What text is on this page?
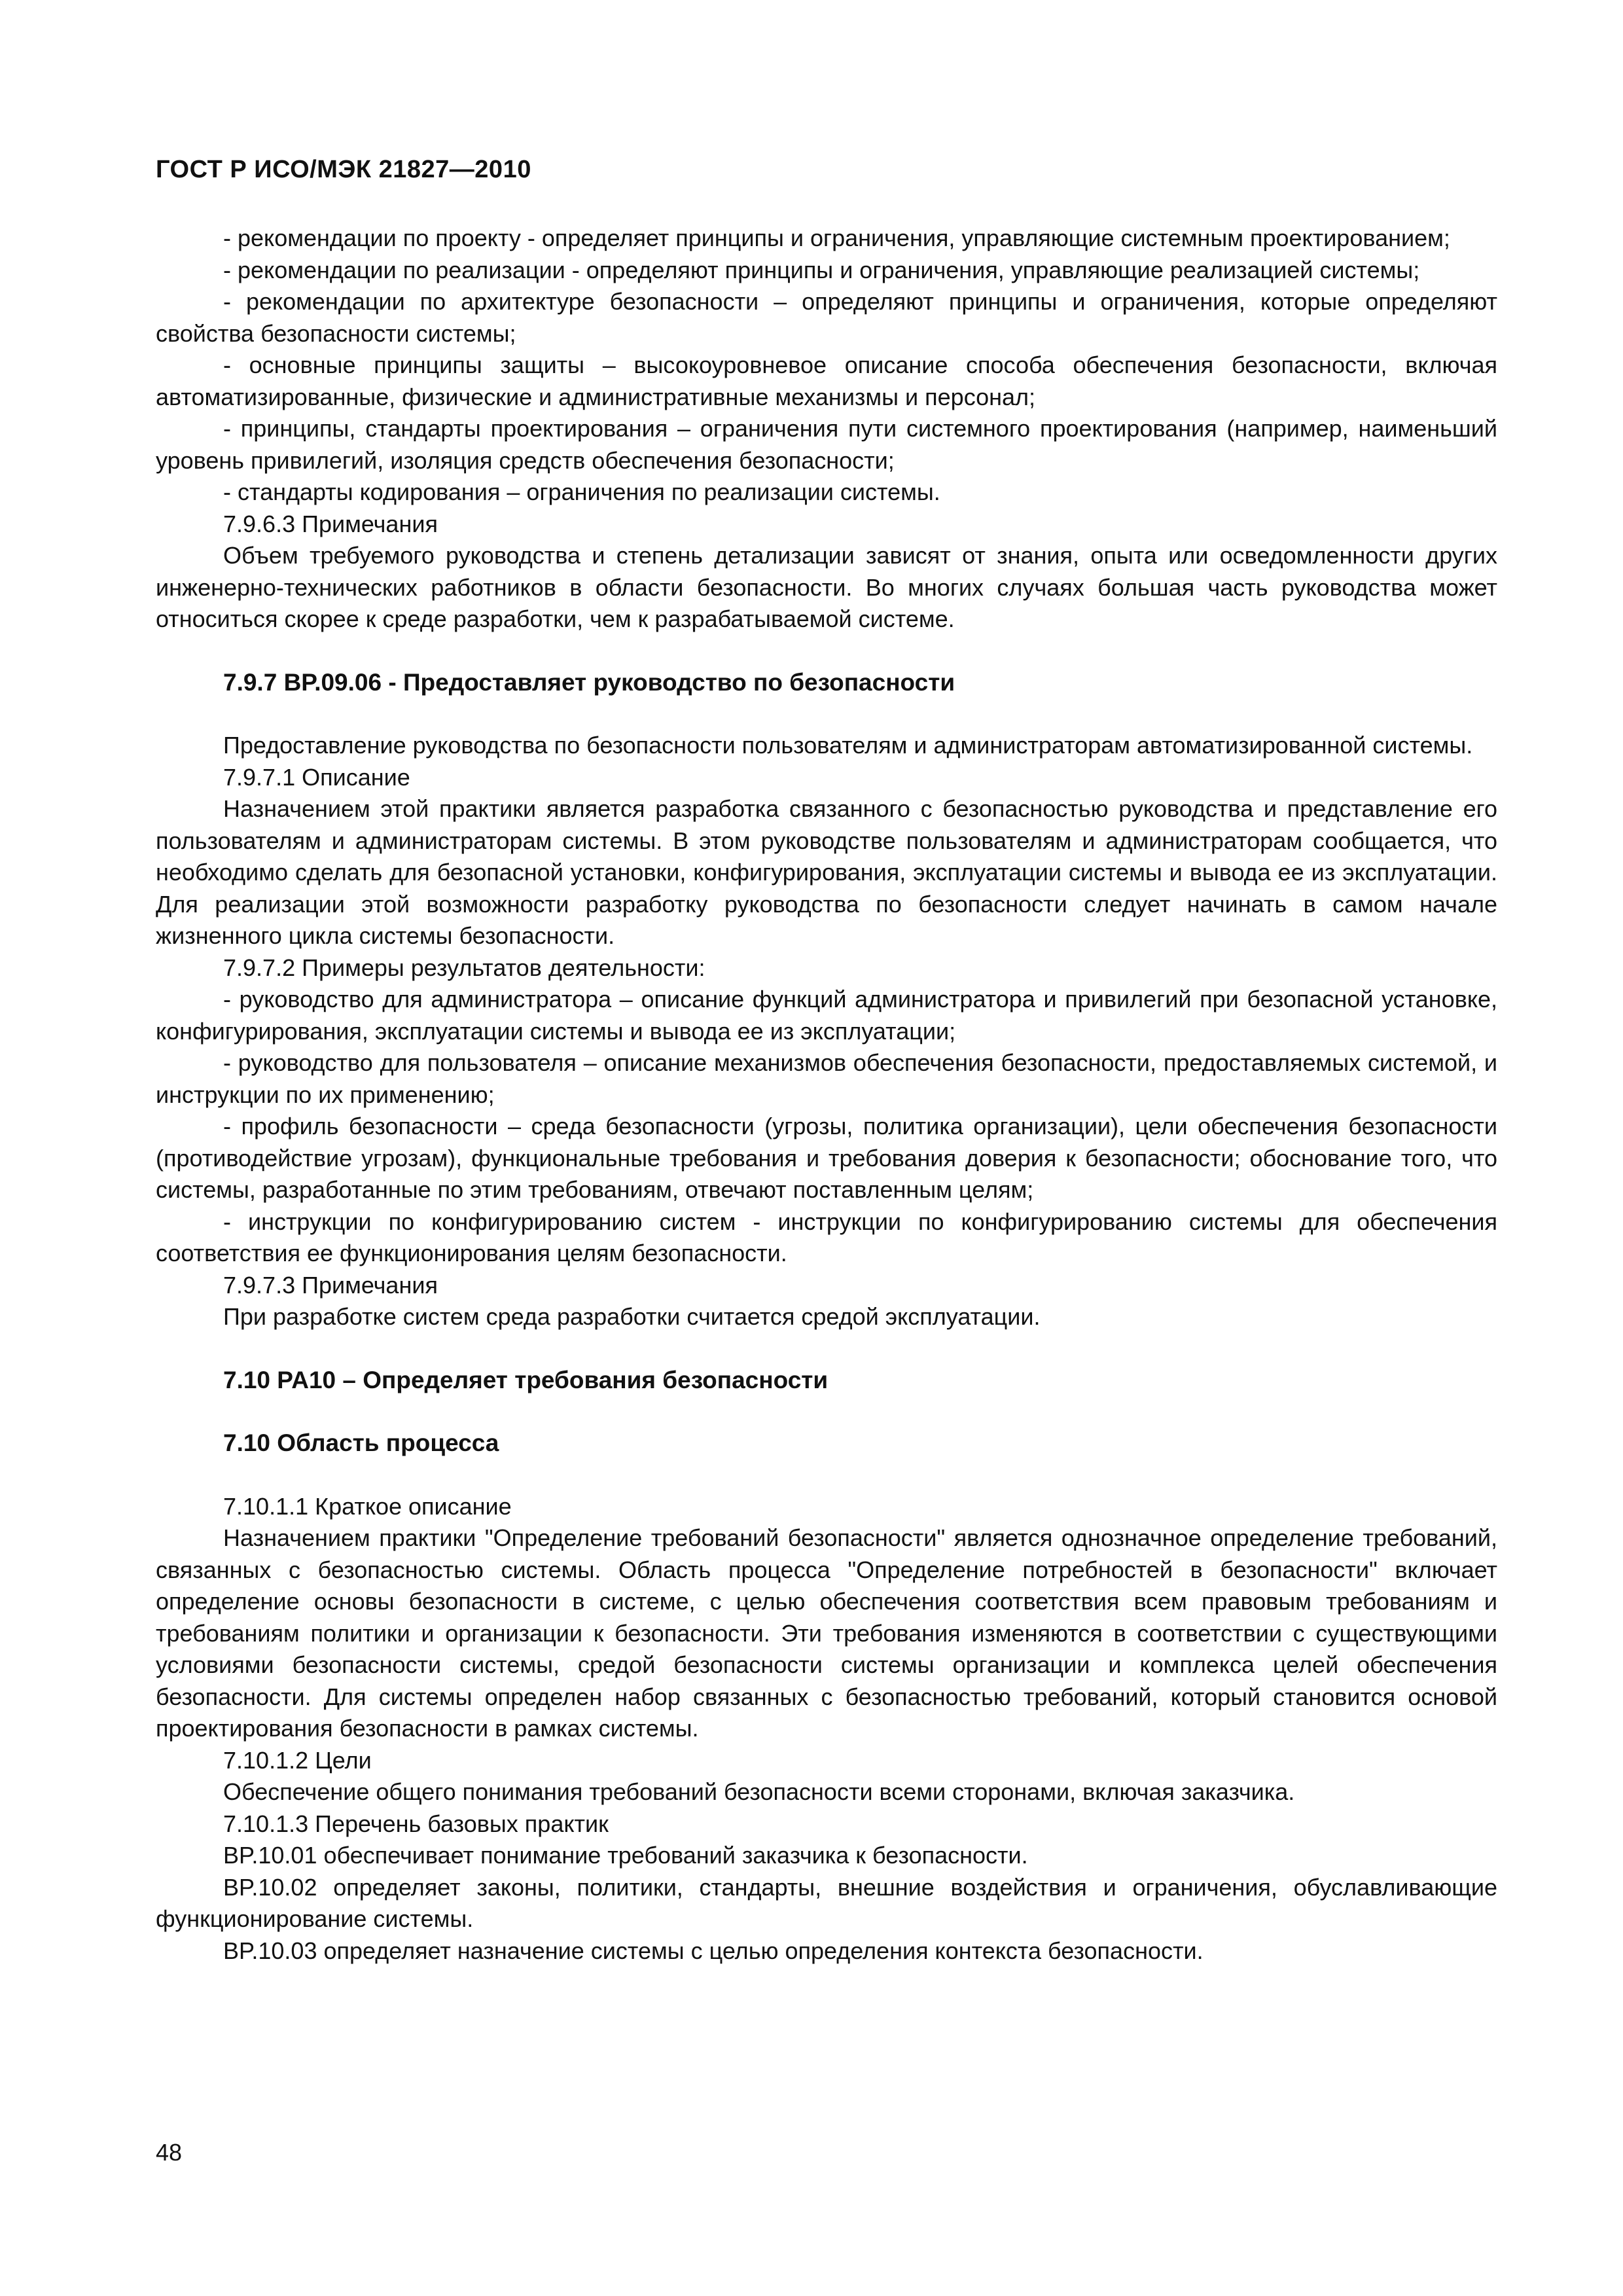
ГОСТ Р ИСО/МЭК 21827—2010

- рекомендации по проекту - определяет принципы и ограничения, управляющие системным проектированием;

- рекомендации по реализации - определяют принципы и ограничения, управляющие реализацией системы;

- рекомендации по архитектуре безопасности – определяют принципы и ограничения, которые определяют свойства безопасности системы;

- основные принципы защиты – высокоуровневое описание способа обеспечения безопасности, включая автоматизированные, физические и административные механизмы и персонал;

- принципы, стандарты проектирования – ограничения пути системного проектирования (например, наименьший уровень привилегий, изоляция средств обеспечения безопасности;

- стандарты кодирования – ограничения по реализации системы.

7.9.6.3 Примечания

Объем требуемого руководства и степень детализации зависят от знания, опыта или осведомленности других инженерно-технических работников в области безопасности. Во многих случаях большая часть руководства может относиться скорее к среде разработки, чем к разрабатываемой системе.

7.9.7 BP.09.06 - Предоставляет руководство по безопасности

Предоставление руководства по безопасности пользователям и администраторам автоматизированной системы.

7.9.7.1 Описание

Назначением этой практики является разработка связанного с безопасностью руководства и представление его пользователям и администраторам системы. В этом руководстве пользователям и администраторам сообщается, что необходимо сделать для безопасной установки, конфигурирования, эксплуатации системы и вывода ее из эксплуатации. Для реализации этой возможности разработку руководства по безопасности следует начинать в самом начале жизненного цикла системы безопасности.

7.9.7.2 Примеры результатов деятельности:

- руководство для администратора – описание функций администратора и привилегий при безопасной установке, конфигурирования, эксплуатации системы и вывода ее из эксплуатации;

- руководство для пользователя – описание механизмов обеспечения безопасности, предоставляемых системой, и инструкции по их применению;

- профиль безопасности – среда безопасности (угрозы, политика организации), цели обеспечения безопасности (противодействие угрозам), функциональные требования и требования доверия к безопасности; обоснование того, что системы, разработанные по этим требованиям, отвечают поставленным целям;

- инструкции по конфигурированию систем - инструкции по конфигурированию системы для обеспечения соответствия ее функционирования целям безопасности.

7.9.7.3 Примечания

При разработке систем среда разработки считается средой эксплуатации.

7.10 PA10 – Определяет требования безопасности

7.10 Область процесса

7.10.1.1 Краткое описание

Назначением практики "Определение требований безопасности" является однозначное определение требований, связанных с безопасностью системы. Область процесса "Определение потребностей в безопасности" включает определение основы безопасности в системе, с целью обеспечения соответствия всем правовым требованиям и требованиям политики и организации к безопасности. Эти требования изменяются в соответствии с существующими условиями безопасности системы, средой безопасности системы организации и комплекса целей обеспечения безопасности. Для системы определен набор связанных с безопасностью требований, который становится основой проектирования безопасности в рамках системы.

7.10.1.2 Цели

Обеспечение общего понимания требований безопасности всеми сторонами, включая заказчика.

7.10.1.3 Перечень базовых практик

BP.10.01 обеспечивает понимание требований заказчика к безопасности.

BP.10.02 определяет законы, политики, стандарты, внешние воздействия и ограничения, обуславливающие функционирование системы.

BP.10.03 определяет назначение системы с целью определения контекста безопасности.

48
